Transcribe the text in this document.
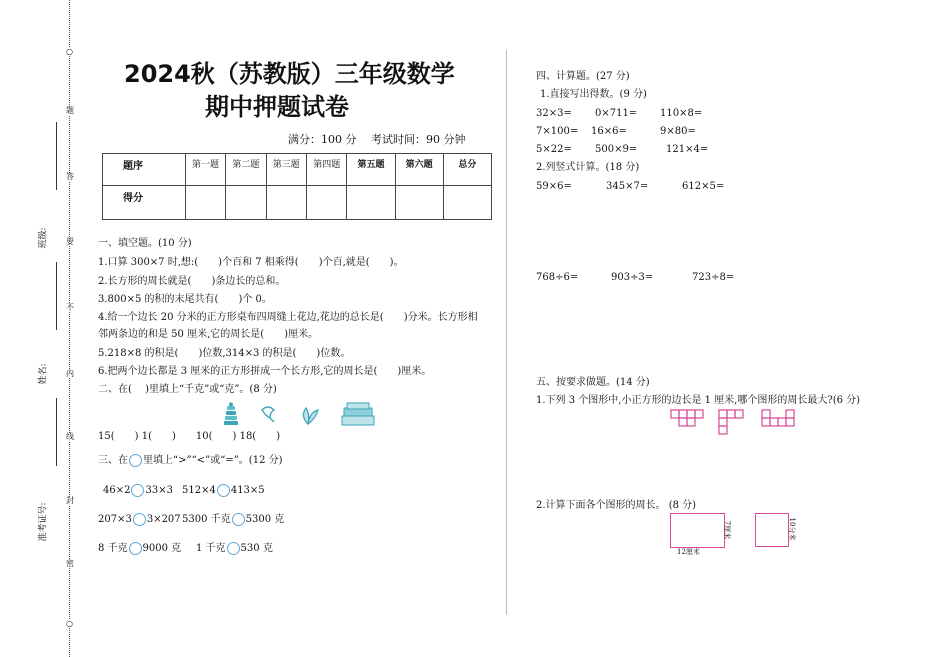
○
题
答
要
不
内
线
封
密
○
班级:
姓名:
准考证号:
2024秋（苏教版）三年级数学
期中押题试卷
满分：100 分　 考试时间：90 分钟
题序	第一题	第二题	第三题	第四题	第五题	第六题	总分
得分							
一、填空题。(10 分)
1.口算 300×7 时,想:(　　)个百和 7 相乘得(　　)个百,就是(　　)。
2.长方形的周长就是(　　)条边长的总和。
3.800×5 的积的末尾共有(　　)个 0。
4.给一个边长 20 分米的正方形桌布四周缝上花边,花边的总长是(　　)分米。长方形相
邻两条边的和是 50 厘米,它的周长是(　　)厘米。
5.218×8 的积是(　　)位数,314×3 的积是(　　)位数。
6.把两个边长都是 3 厘米的正方形拼成一个长方形,它的周长是(　　)厘米。
二、在(　 )里填上“千克”或“克”。(8 分)
15(　　) 1(　　)　　10(　　) 18(　　)
三、在 里填上“>”“<”或“=”。(12 分)
46×2 33×3 512×4 413×5
207×3 3×207 5300 千克 5300 克
8 千克 9000 克 1 千克 530 克
四、计算题。(27 分)
1.直接写出得数。(9 分)
32×3= 0×711= 110×8=
7×100= 16×6=	9×80=
5×22= 500×9=	121×4=
2.列竖式计算。(18 分)
59×6=	345×7=	612×5=
768÷6=	903÷3=	723÷8=
五、按要求做题。(14 分)
1.下列 3 个图形中,小正方形的边长是 1 厘米,哪个图形的周长最大?(6 分)
2.计算下面各个图形的周长。 (8 分)
12厘米
7厘米	10分米
